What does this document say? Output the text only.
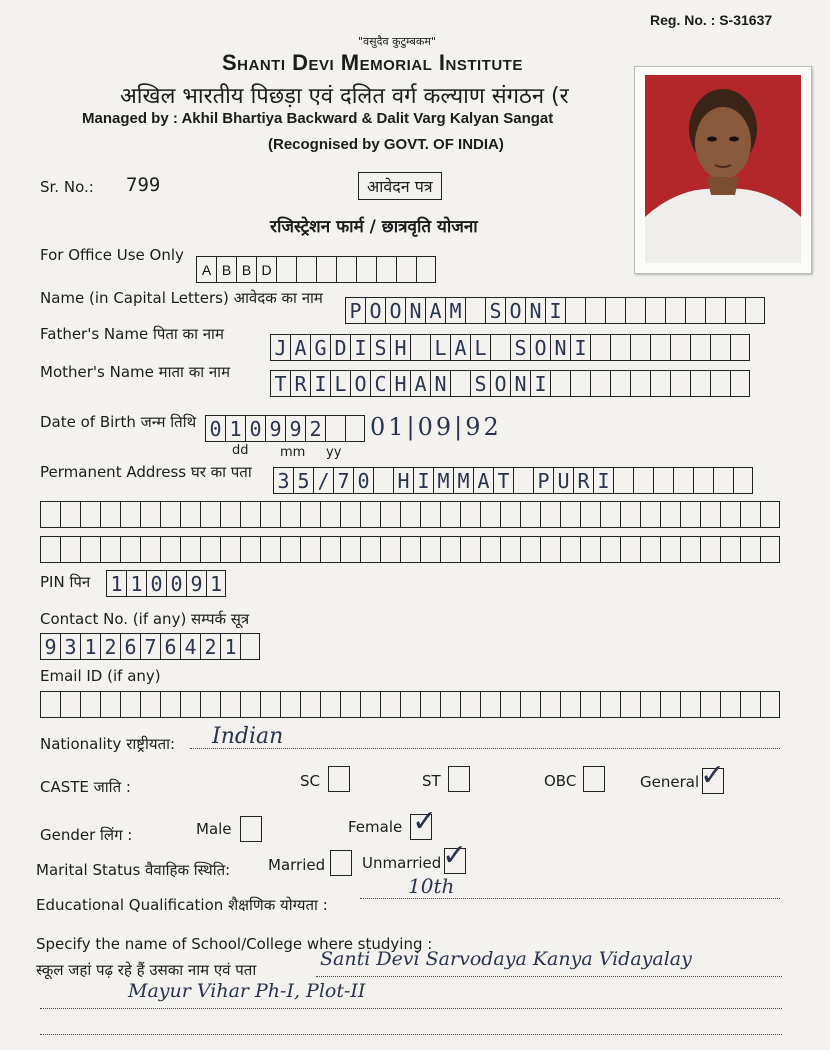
Reg. No. : S-31637
"वसुदैव कुटुम्बकम"
Shanti Devi Memorial Institute
अखिल भारतीय पिछड़ा एवं दलित वर्ग कल्याण संगठन (र
Managed by : Akhil Bhartiya Backward & Dalit Varg Kalyan Sangat
(Recognised by GOVT. OF INDIA)
Sr. No.: 799	आवेदन पत्र
रजिस्ट्रेशन फार्म / छात्रवृति योजना
For Office Use Only
A B B D
Name (in Capital Letters) आवेदक का नाम
P O O N A M S O N I
Father's Name पिता का नाम
J A G D I S H L A L S O N I
Mother's Name माता का नाम T R I L O C H A N S O N I
Date of Birth जन्म तिथि 0 1 0 9 9 2
dd mm yy
01|09|92
Permanent Address घर का पता 3 5 / 7 0 H I M M A T P U R I
PIN पिन 1 1 0 0 9 1
Contact No. (if any) सम्पर्क सूत्र
9 3 1 2 6 7 6 4 2 1
Email ID (if any)
Nationality राष्ट्रीयता: Indian
CASTE जाति :	SC	ST	OBC	General ✓
Gender लिंग :	Male	Female ✓
Marital Status वैवाहिक स्थिति:	Married Unmarried ✓
Educational Qualification शैक्षणिक योग्यता :
10th
Specify the name of School/College where studying :
स्कूल जहां पढ़ रहे हैं उसका नाम एवं पता	Santi Devi Sarvodaya Kanya Vidayalay
Mayur Vihar Ph-I, Plot-II
